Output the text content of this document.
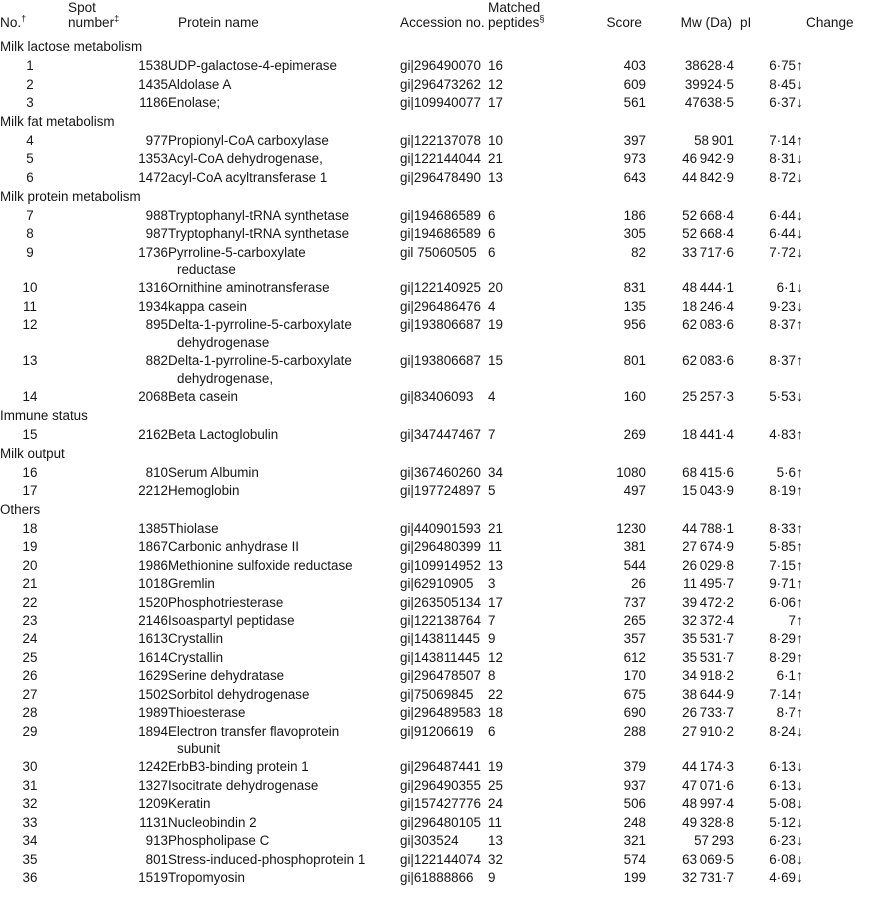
No.†	Spot
number‡	Protein name	Accession no.	Matched
peptides§	Score	Mw (Da)	pI	Change

Milk lactose metabolism								
1	1538	UDP-galactose-4-epimerase	gi|296490070	16	403	38628·4	6·75	↑
2	1435	Aldolase A	gi|296473262	12	609	39924·5	8·45	↓
3	1186	Enolase;	gi|109940077	17	561	47638·5	6·37	↓
Milk fat metabolism								
4	977	Propionyl-CoA carboxylase	gi|122137078	10	397	58 901	7·14	↑
5	1353	Acyl-CoA dehydrogenase,	gi|122144044	21	973	46 942·9	8·31	↓
6	1472	acyl-CoA acyltransferase 1	gi|296478490	13	643	44 842·9	8·72	↓
Milk protein metabolism								
7	988	Tryptophanyl-tRNA synthetase	gi|194686589	6	186	52 668·4	6·44	↓
8	987	Tryptophanyl-tRNA synthetase	gi|194686589	6	305	52 668·4	6·44	↓
9	1736	Pyrroline-5-carboxylate
reductase	gil 75060505	6	82	33 717·6	7·72	↓
10	1316	Ornithine aminotransferase	gi|122140925	20	831	48 444·1	6·1	↓
11	1934	kappa casein	gi|296486476	4	135	18 246·4	9·23	↓
12	895	Delta-1-pyrroline-5-carboxylate
dehydrogenase	gi|193806687	19	956	62 083·6	8·37	↑
13	882	Delta-1-pyrroline-5-carboxylate
dehydrogenase,	gi|193806687	15	801	62 083·6	8·37	↑
14	2068	Beta casein	gi|83406093	4	160	25 257·3	5·53	↓
Immune status								
15	2162	Beta Lactoglobulin	gi|347447467	7	269	18 441·4	4·83	↑
Milk output								
16	810	Serum Albumin	gi|367460260	34	1080	68 415·6	5·6	↑
17	2212	Hemoglobin	gi|197724897	5	497	15 043·9	8·19	↑
Others								
18	1385	Thiolase	gi|440901593	21	1230	44 788·1	8·33	↑
19	1867	Carbonic anhydrase II	gi|296480399	11	381	27 674·9	5·85	↑
20	1986	Methionine sulfoxide reductase	gi|109914952	13	544	26 029·8	7·15	↑
21	1018	Gremlin	gi|62910905	3	26	11 495·7	9·71	↑
22	1520	Phosphotriesterase	gi|263505134	17	737	39 472·2	6·06	↑
23	2146	Isoaspartyl peptidase	gi|122138764	7	265	32 372·4	7	↑
24	1613	Crystallin	gi|143811445	9	357	35 531·7	8·29	↑
25	1614	Crystallin	gi|143811445	12	612	35 531·7	8·29	↑
26	1629	Serine dehydratase	gi|296478507	8	170	34 918·2	6·1	↑
27	1502	Sorbitol dehydrogenase	gi|75069845	22	675	38 644·9	7·14	↑
28	1989	Thioesterase	gi|296489583	18	690	26 733·7	8·7	↑
29	1894	Electron transfer flavoprotein
subunit	gi|91206619	6	288	27 910·2	8·24	↓
30	1242	ErbB3-binding protein 1	gi|296487441	19	379	44 174·3	6·13	↓
31	1327	Isocitrate dehydrogenase	gi|296490355	25	937	47 071·6	6·13	↓
32	1209	Keratin	gi|157427776	24	506	48 997·4	5·08	↓
33	1131	Nucleobindin 2	gi|296480105	11	248	49 328·8	5·12	↓
34	913	Phospholipase C	gi|303524	13	321	57 293	6·23	↓
35	801	Stress-induced-phosphoprotein 1	gi|122144074	32	574	63 069·5	6·08	↓
36	1519	Tropomyosin	gi|61888866	9	199	32 731·7	4·69	↓
